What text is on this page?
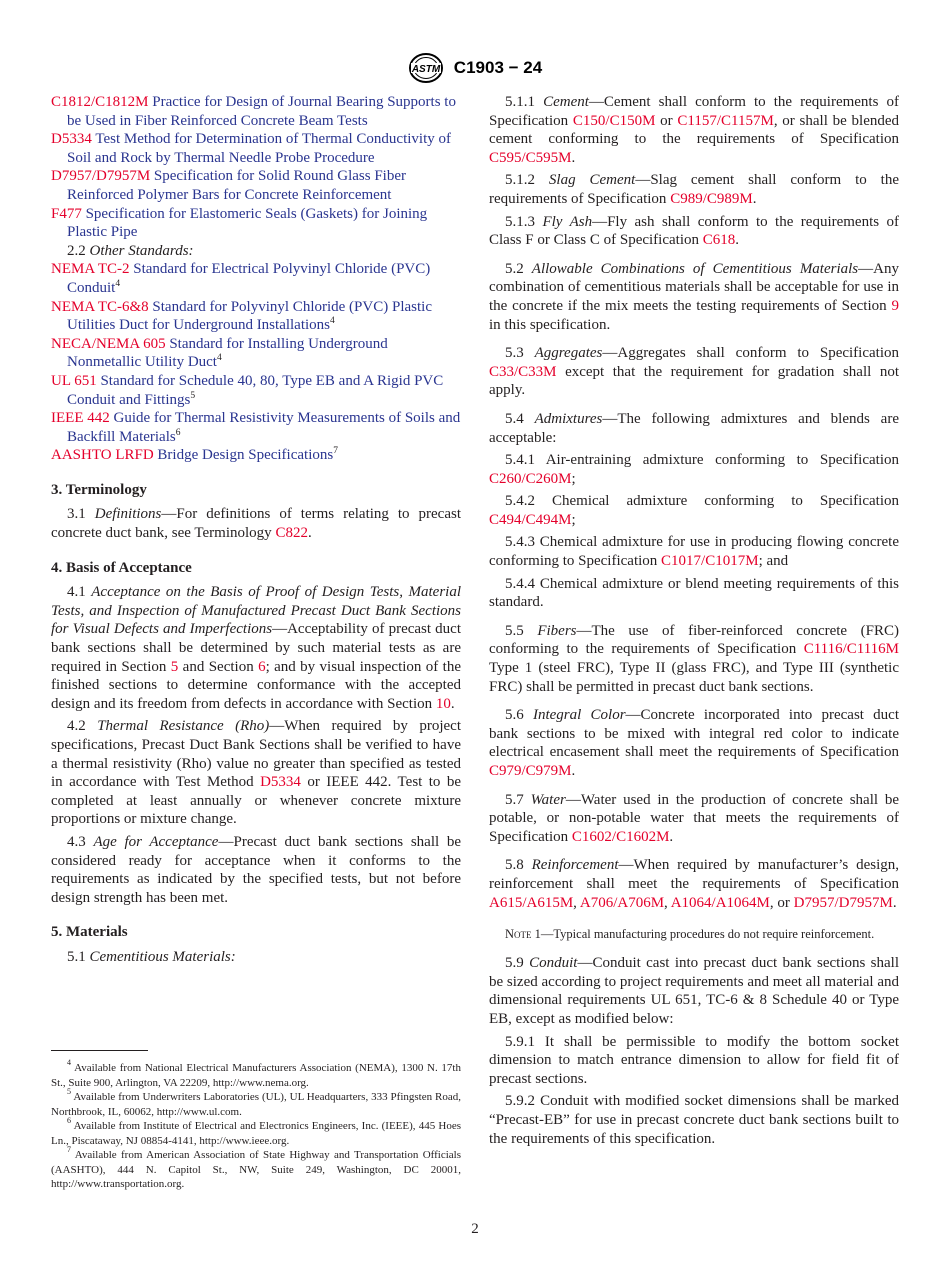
ASTM C1903 − 24

C1812/C1812M Practice for Design of Journal Bearing Supports to be Used in Fiber Reinforced Concrete Beam Tests

D5334 Test Method for Determination of Thermal Conductivity of Soil and Rock by Thermal Needle Probe Procedure

D7957/D7957M Specification for Solid Round Glass Fiber Reinforced Polymer Bars for Concrete Reinforcement

F477 Specification for Elastomeric Seals (Gaskets) for Joining Plastic Pipe

2.2 Other Standards:

NEMA TC-2 Standard for Electrical Polyvinyl Chloride (PVC) Conduit$^4$

NEMA TC-6&8 Standard for Polyvinyl Chloride (PVC) Plastic Utilities Duct for Underground Installations$^4$

NECA/NEMA 605 Standard for Installing Underground Nonmetallic Utility Duct$^4$

UL 651 Standard for Schedule 40, 80, Type EB and A Rigid PVC Conduit and Fittings$^5$

IEEE 442 Guide for Thermal Resistivity Measurements of Soils and Backfill Materials$^6$

AASHTO LRFD Bridge Design Specifications$^7$

3. Terminology

3.1 Definitions—For definitions of terms relating to precast concrete duct bank, see Terminology C822.

4. Basis of Acceptance

4.1 Acceptance on the Basis of Proof of Design Tests, Material Tests, and Inspection of Manufactured Precast Duct Bank Sections for Visual Defects and Imperfections—Acceptability of precast duct bank sections shall be determined by such material tests as are required in Section 5 and Section 6; and by visual inspection of the finished sections to determine conformance with the accepted design and its freedom from defects in accordance with Section 10.

4.2 Thermal Resistance (Rho)—When required by project specifications, Precast Duct Bank Sections shall be verified to have a thermal resistivity (Rho) value no greater than specified as tested in accordance with Test Method D5334 or IEEE 442. Test to be completed at least annually or whenever concrete mixture proportions or mixture change.

4.3 Age for Acceptance—Precast duct bank sections shall be considered ready for acceptance when it conforms to the requirements as indicated by the specified tests, but not before design strength has been met.

5. Materials

5.1 Cementitious Materials:

$^4$ Available from National Electrical Manufacturers Association (NEMA), 1300 N. 17th St., Suite 900, Arlington, VA 22209, http://www.nema.org.

$^5$ Available from Underwriters Laboratories (UL), UL Headquarters, 333 Pfingsten Road, Northbrook, IL, 60062, http://www.ul.com.

$^6$ Available from Institute of Electrical and Electronics Engineers, Inc. (IEEE), 445 Hoes Ln., Piscataway, NJ 08854-4141, http://www.ieee.org.

$^7$ Available from American Association of State Highway and Transportation Officials (AASHTO), 444 N. Capitol St., NW, Suite 249, Washington, DC 20001, http://www.transportation.org.

5.1.1 Cement—Cement shall conform to the requirements of Specification C150/C150M or C1157/C1157M, or shall be blended cement conforming to the requirements of Specification C595/C595M.

5.1.2 Slag Cement—Slag cement shall conform to the requirements of Specification C989/C989M.

5.1.3 Fly Ash—Fly ash shall conform to the requirements of Class F or Class C of Specification C618.

5.2 Allowable Combinations of Cementitious Materials—Any combination of cementitious materials shall be acceptable for use in the concrete if the mix meets the testing requirements of Section 9 in this specification.

5.3 Aggregates—Aggregates shall conform to Specification C33/C33M except that the requirement for gradation shall not apply.

5.4 Admixtures—The following admixtures and blends are acceptable:

5.4.1 Air-entraining admixture conforming to Specification C260/C260M;

5.4.2 Chemical admixture conforming to Specification C494/C494M;

5.4.3 Chemical admixture for use in producing flowing concrete conforming to Specification C1017/C1017M; and

5.4.4 Chemical admixture or blend meeting requirements of this standard.

5.5 Fibers—The use of fiber-reinforced concrete (FRC) conforming to the requirements of Specification C1116/C1116M Type 1 (steel FRC), Type II (glass FRC), and Type III (synthetic FRC) shall be permitted in precast duct bank sections.

5.6 Integral Color—Concrete incorporated into precast duct bank sections to be mixed with integral red color to indicate electrical encasement shall meet the requirements of Specification C979/C979M.

5.7 Water—Water used in the production of concrete shall be potable, or non-potable water that meets the requirements of Specification C1602/C1602M.

5.8 Reinforcement—When required by manufacturer’s design, reinforcement shall meet the requirements of Specification A615/A615M, A706/A706M, A1064/A1064M, or D7957/D7957M.

Note 1—Typical manufacturing procedures do not require reinforcement.

5.9 Conduit—Conduit cast into precast duct bank sections shall be sized according to project requirements and meet all material and dimensional requirements UL 651, TC-6 & 8 Schedule 40 or Type EB, except as modified below:

5.9.1 It shall be permissible to modify the bottom socket dimension to match entrance dimension to allow for field fit of precast sections.

5.9.2 Conduit with modified socket dimensions shall be marked “Precast-EB” for use in precast concrete duct bank sections built to the requirements of this specification.

2
